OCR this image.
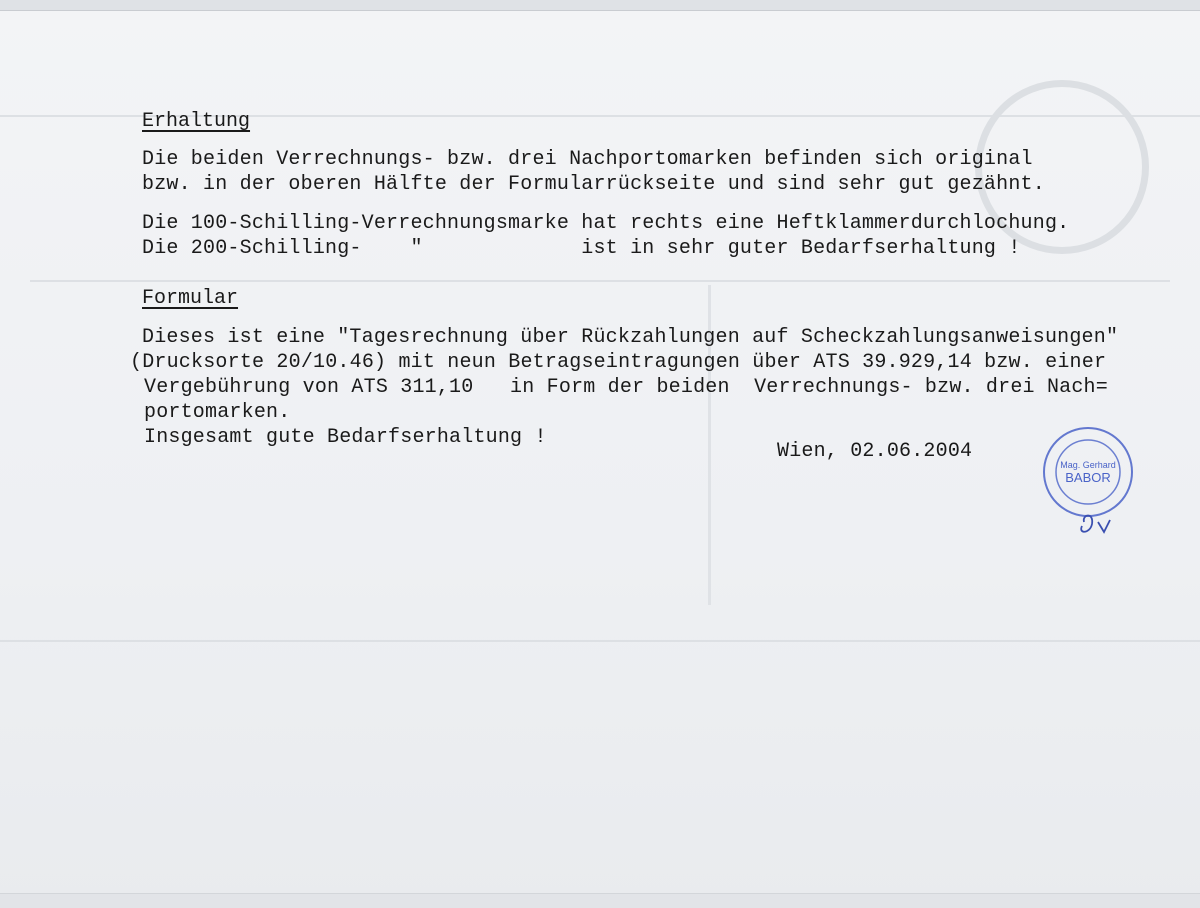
Erhaltung
Die beiden Verrechnungs- bzw. drei Nachportomarken befinden sich original
bzw. in der oberen Hälfte der Formularrückseite und sind sehr gut gezähnt.
Die 100-Schilling-Verrechnungsmarke hat rechts eine Heftklammerdurchlochung.
Die 200-Schilling-    "             ist in sehr guter Bedarfserhaltung !
Formular
Dieses ist eine "Tagesrechnung über Rückzahlungen auf Scheckzahlungsanweisungen"
(Drucksorte 20/10.46) mit neun Betragseintragungen über ATS 39.929,14 bzw. einer
Vergebührung von ATS 311,10   in Form der beiden  Verrechnungs- bzw. drei Nach=
portomarken.
Insgesamt gute Bedarfserhaltung !
Wien, 02.06.2004
Mag. Gerhard
BABOR
